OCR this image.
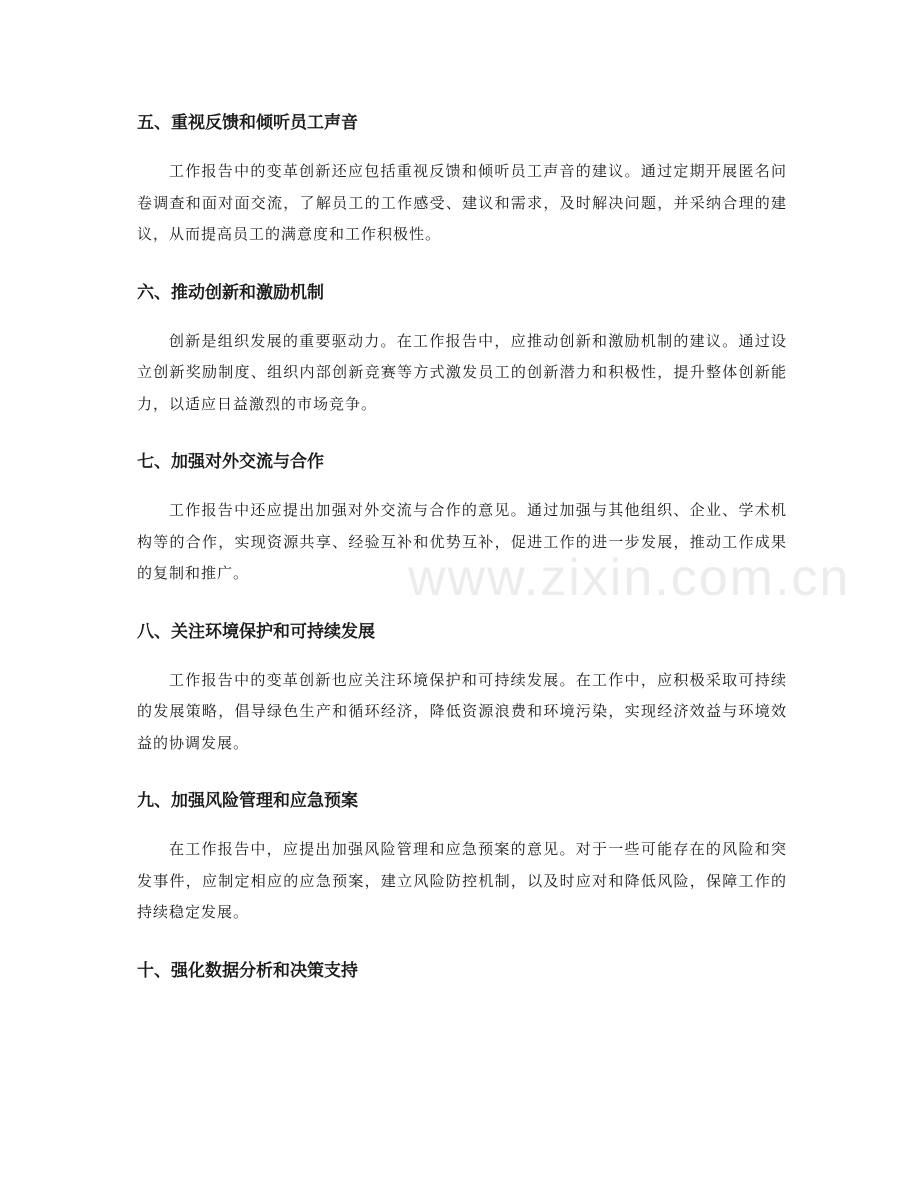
五、重视反馈和倾听员工声音

工作报告中的变革创新还应包括重视反馈和倾听员工声音的建议。通过定期开展匿名问卷调查和面对面交流，了解员工的工作感受、建议和需求，及时解决问题，并采纳合理的建议，从而提高员工的满意度和工作积极性。

六、推动创新和激励机制

创新是组织发展的重要驱动力。在工作报告中，应推动创新和激励机制的建议。通过设立创新奖励制度、组织内部创新竞赛等方式激发员工的创新潜力和积极性，提升整体创新能力，以适应日益激烈的市场竞争。

七、加强对外交流与合作

工作报告中还应提出加强对外交流与合作的意见。通过加强与其他组织、企业、学术机构等的合作，实现资源共享、经验互补和优势互补，促进工作的进一步发展，推动工作成果的复制和推广。

八、关注环境保护和可持续发展

工作报告中的变革创新也应关注环境保护和可持续发展。在工作中，应积极采取可持续的发展策略，倡导绿色生产和循环经济，降低资源浪费和环境污染，实现经济效益与环境效益的协调发展。

九、加强风险管理和应急预案

在工作报告中，应提出加强风险管理和应急预案的意见。对于一些可能存在的风险和突发事件，应制定相应的应急预案，建立风险防控机制，以及时应对和降低风险，保障工作的持续稳定发展。

十、强化数据分析和决策支持
www.zixin.com.cn
